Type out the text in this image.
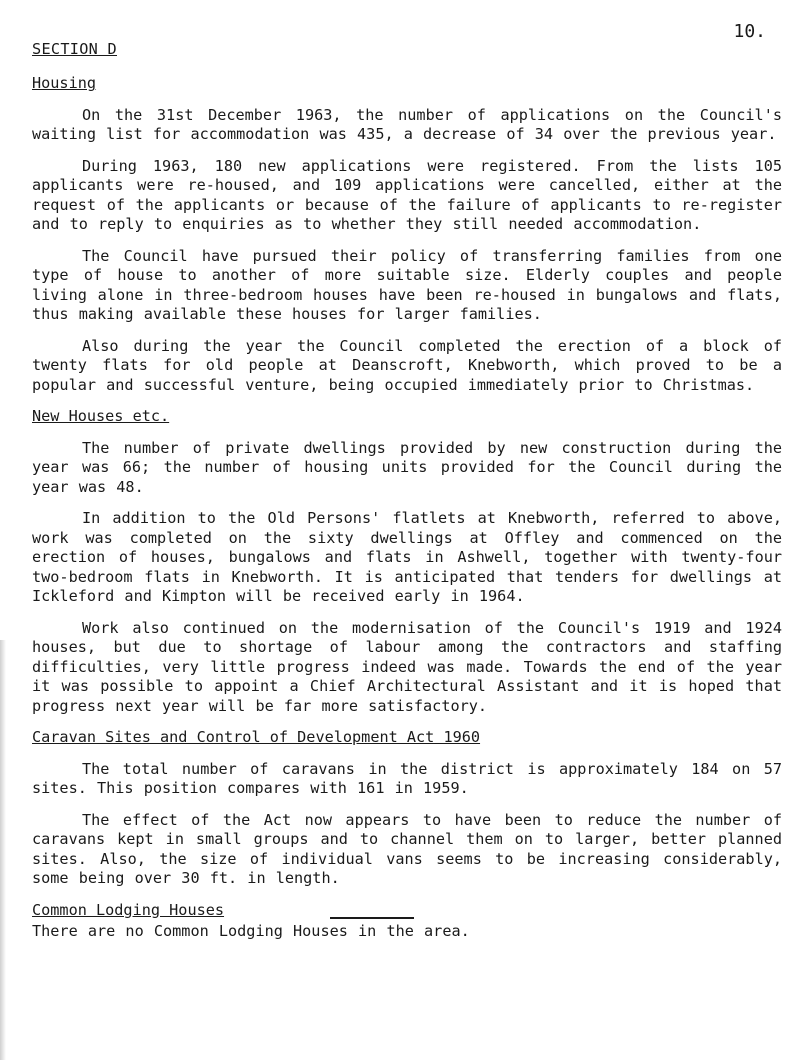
10.
SECTION D
Housing

On the 31st December 1963, the number of applications on the Council's waiting list for accommodation was 435, a decrease of 34 over the previous year.

During 1963, 180 new applications were registered. From the lists 105 applicants were re-housed, and 109 applications were cancelled, either at the request of the applicants or because of the failure of applicants to re-register and to reply to enquiries as to whether they still needed accommodation.

The Council have pursued their policy of transferring families from one type of house to another of more suitable size. Elderly couples and people living alone in three-bedroom houses have been re-housed in bungalows and flats, thus making available these houses for larger families.

Also during the year the Council completed the erection of a block of twenty flats for old people at Deanscroft, Knebworth, which proved to be a popular and successful venture, being occupied immediately prior to Christmas.

New Houses etc.

The number of private dwellings provided by new construction during the year was 66; the number of housing units provided for the Council during the year was 48.

In addition to the Old Persons' flatlets at Knebworth, referred to above, work was completed on the sixty dwellings at Offley and commenced on the erection of houses, bungalows and flats in Ashwell, together with twenty-four two-bedroom flats in Knebworth. It is anticipated that tenders for dwellings at Ickleford and Kimpton will be received early in 1964.

Work also continued on the modernisation of the Council's 1919 and 1924 houses, but due to shortage of labour among the contractors and staffing difficulties, very little progress indeed was made. Towards the end of the year it was possible to appoint a Chief Architectural Assistant and it is hoped that progress next year will be far more satisfactory.

Caravan Sites and Control of Development Act 1960

The total number of caravans in the district is approximately 184 on 57 sites. This position compares with 161 in 1959.

The effect of the Act now appears to have been to reduce the number of caravans kept in small groups and to channel them on to larger, better planned sites. Also, the size of individual vans seems to be increasing considerably, some being over 30 ft. in length.

Common Lodging Houses

There are no Common Lodging Houses in the area.
